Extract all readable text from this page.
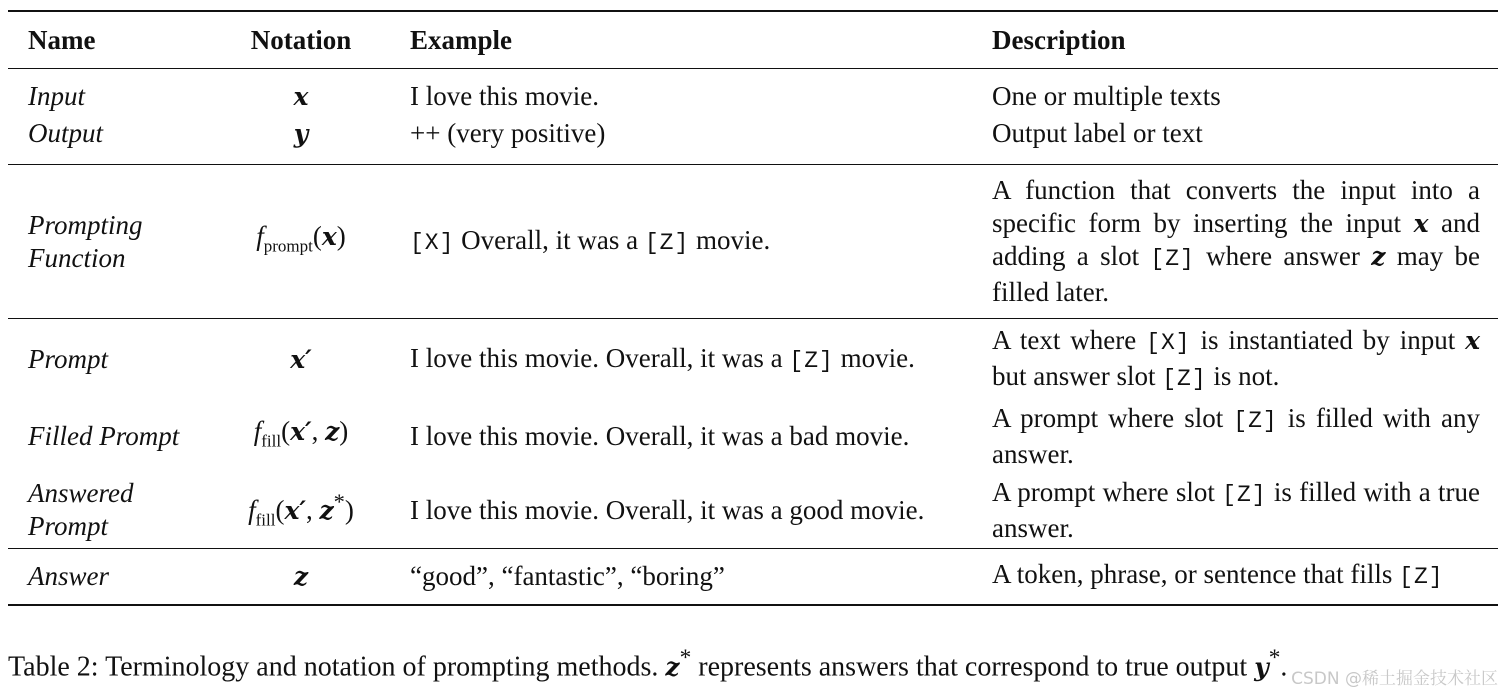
Name	Notation	Example	Description
Input	x	I love this movie.	One or multiple texts
Output	y	++ (very positive)	Output label or text

Prompting
Function	$f_{prompt}(x)$	[X] Overall, it was a [Z] movie.	A function that converts the input into a specific form by inserting the input x and adding a slot [Z] where answer z may be filled later.
Prompt	x′	I love this movie. Overall, it was a [Z] movie.	A text where [X] is instantiated by input x but answer slot [Z] is not.
Filled Prompt	$f_{fill}(x'$, z)	I love this movie. Overall, it was a bad movie.	A prompt where slot [Z] is filled with any answer.

Answered
Prompt	$f_{fill}(x'$, z*)	I love this movie. Overall, it was a good movie.	A prompt where slot [Z] is filled with a true answer.
Answer	z	“good”, “fantastic”, “boring”	A token, phrase, or sentence that fills [Z]
Table 2: Terminology and notation of prompting methods. z* represents answers that correspond to true output y*. CSDN @稀土掘金技术社区
